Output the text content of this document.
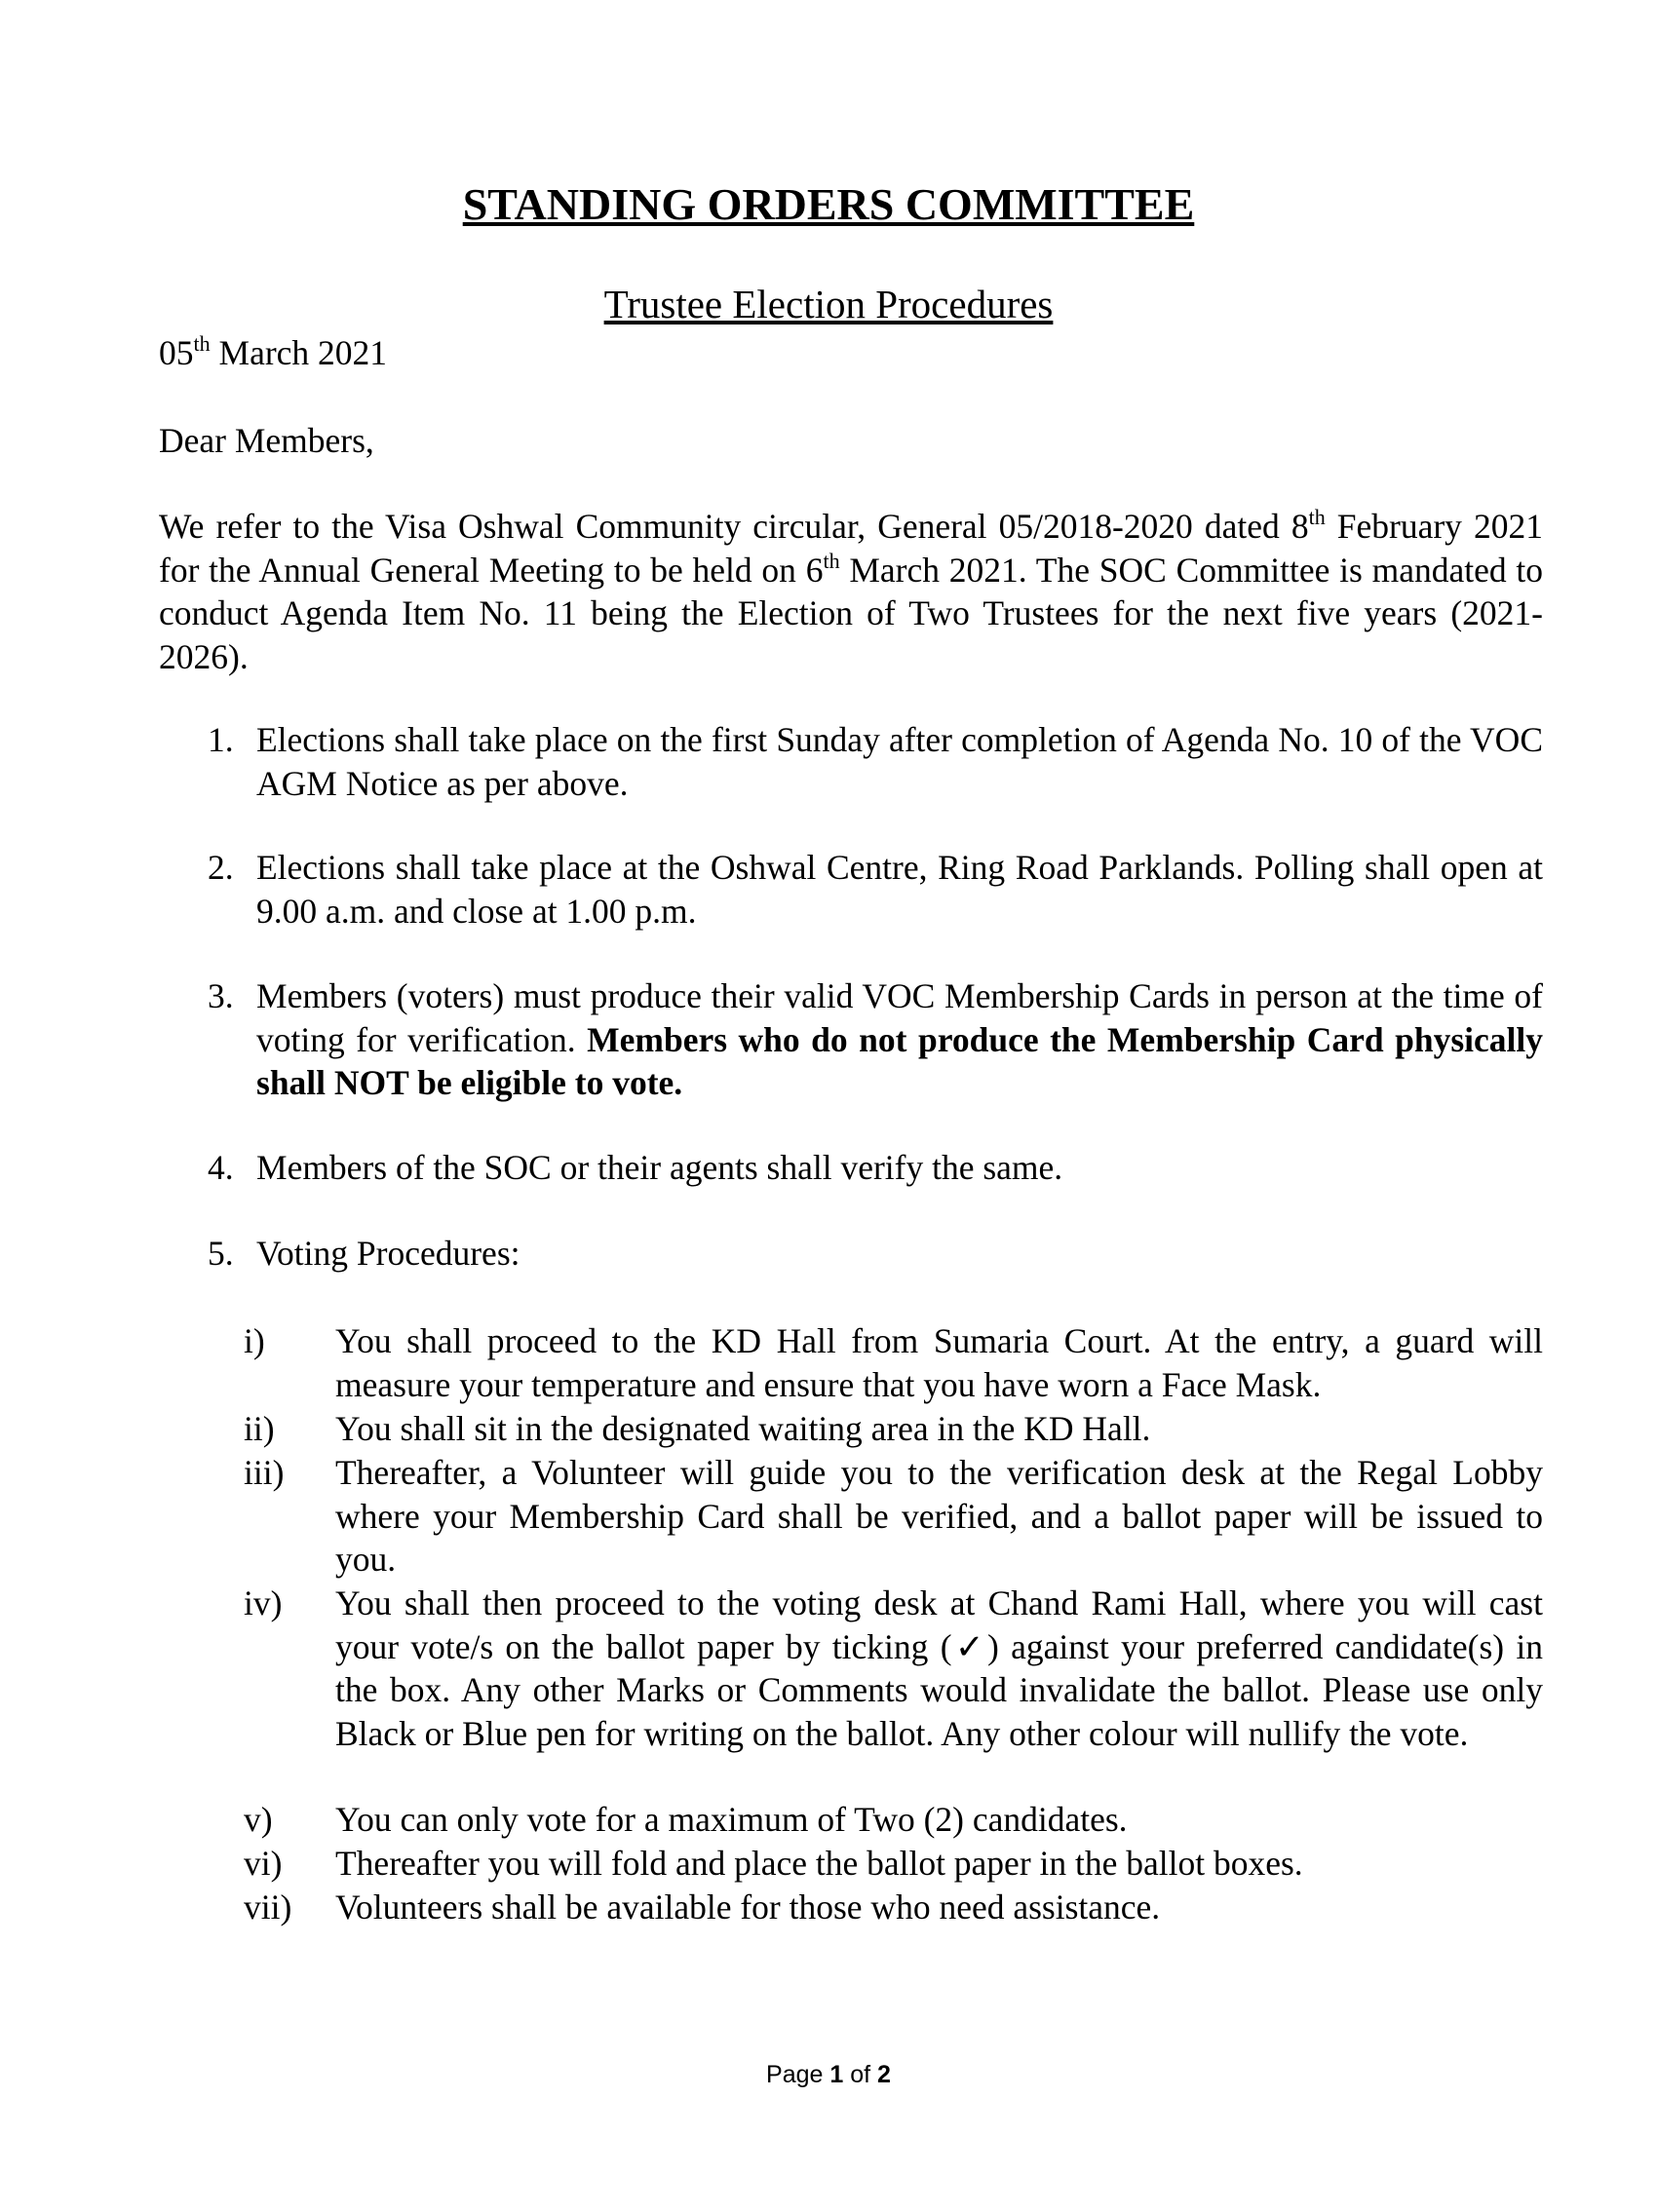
STANDING ORDERS COMMITTEE
Trustee Election Procedures
05th March 2021
Dear Members,
We refer to the Visa Oshwal Community circular, General 05/2018-2020 dated 8th February 2021 for the Annual General Meeting to be held on 6th March 2021. The SOC Committee is mandated to conduct Agenda Item No. 11 being the Election of Two Trustees for the next five years (2021-2026).
1. Elections shall take place on the first Sunday after completion of Agenda No. 10 of the VOC AGM Notice as per above.
2. Elections shall take place at the Oshwal Centre, Ring Road Parklands. Polling shall open at 9.00 a.m. and close at 1.00 p.m.
3. Members (voters) must produce their valid VOC Membership Cards in person at the time of voting for verification. Members who do not produce the Membership Card physically shall NOT be eligible to vote.
4. Members of the SOC or their agents shall verify the same.
5. Voting Procedures:
i) You shall proceed to the KD Hall from Sumaria Court. At the entry, a guard will measure your temperature and ensure that you have worn a Face Mask.
ii) You shall sit in the designated waiting area in the KD Hall.
iii) Thereafter, a Volunteer will guide you to the verification desk at the Regal Lobby where your Membership Card shall be verified, and a ballot paper will be issued to you.
iv) You shall then proceed to the voting desk at Chand Rami Hall, where you will cast your vote/s on the ballot paper by ticking (✓) against your preferred candidate(s) in the box. Any other Marks or Comments would invalidate the ballot. Please use only Black or Blue pen for writing on the ballot. Any other colour will nullify the vote.
v) You can only vote for a maximum of Two (2) candidates.
vi) Thereafter you will fold and place the ballot paper in the ballot boxes.
vii) Volunteers shall be available for those who need assistance.
Page 1 of 2
